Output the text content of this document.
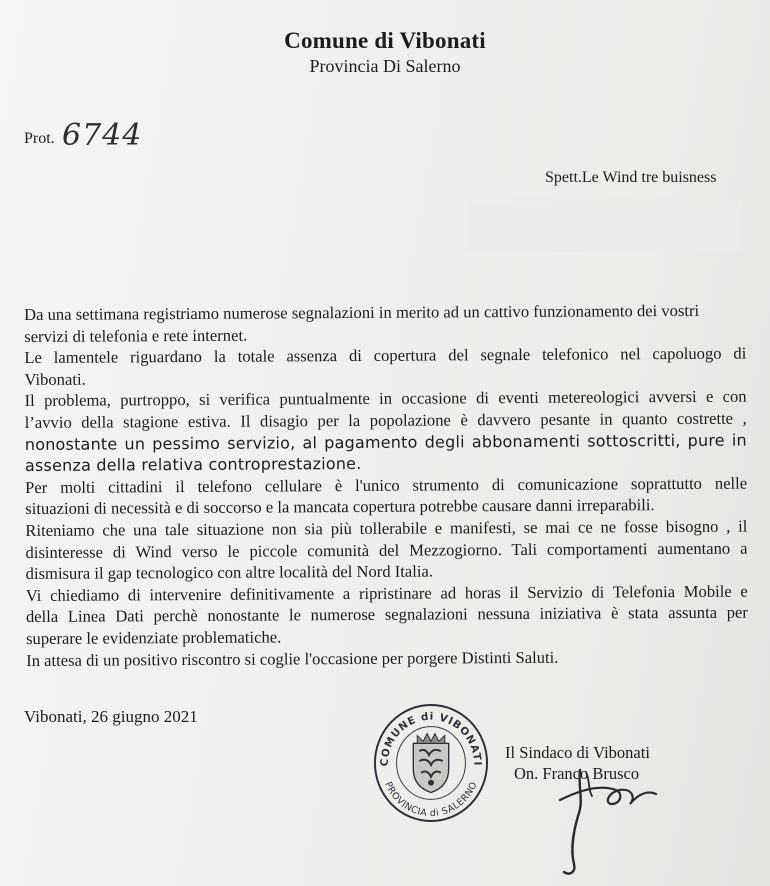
Comune di Vibonati
Provincia Di Salerno
Prot. 6744
Spett.Le Wind tre buisness
Da una settimana registriamo numerose segnalazioni in merito ad un cattivo funzionamento dei vostri
servizi di telefonia e rete internet.
Le lamentele riguardano la totale assenza di copertura del segnale telefonico nel capoluogo di
Vibonati.
Il problema, purtroppo, si verifica puntualmente in occasione di eventi metereologici avversi e con
l’avvio della stagione estiva. Il disagio per la popolazione è davvero pesante in quanto costrette ,
nonostante un pessimo servizio, al pagamento degli abbonamenti sottoscritti, pure in
assenza della relativa controprestazione.
Per molti cittadini il telefono cellulare è l'unico strumento di comunicazione soprattutto nelle
situazioni di necessità e di soccorso e la mancata copertura potrebbe causare danni irreparabili.
Riteniamo che una tale situazione non sia più tollerabile e manifesti, se mai ce ne fosse bisogno , il
disinteresse di Wind verso le piccole comunità del Mezzogiorno. Tali comportamenti aumentano a
dismisura il gap tecnologico con altre località del Nord Italia.
Vi chiediamo di intervenire definitivamente a ripristinare ad horas il Servizio di Telefonia Mobile e
della Linea Dati perchè nonostante le numerose segnalazioni nessuna iniziativa è stata assunta per
superare le evidenziate problematiche.
In attesa di un positivo riscontro si coglie l'occasione per porgere Distinti Saluti.
Vibonati, 26 giugno 2021
COMUNE di VIBONATI
PROVINCIA di SALERNO
Il Sindaco di Vibonati
On. Franco Brusco
